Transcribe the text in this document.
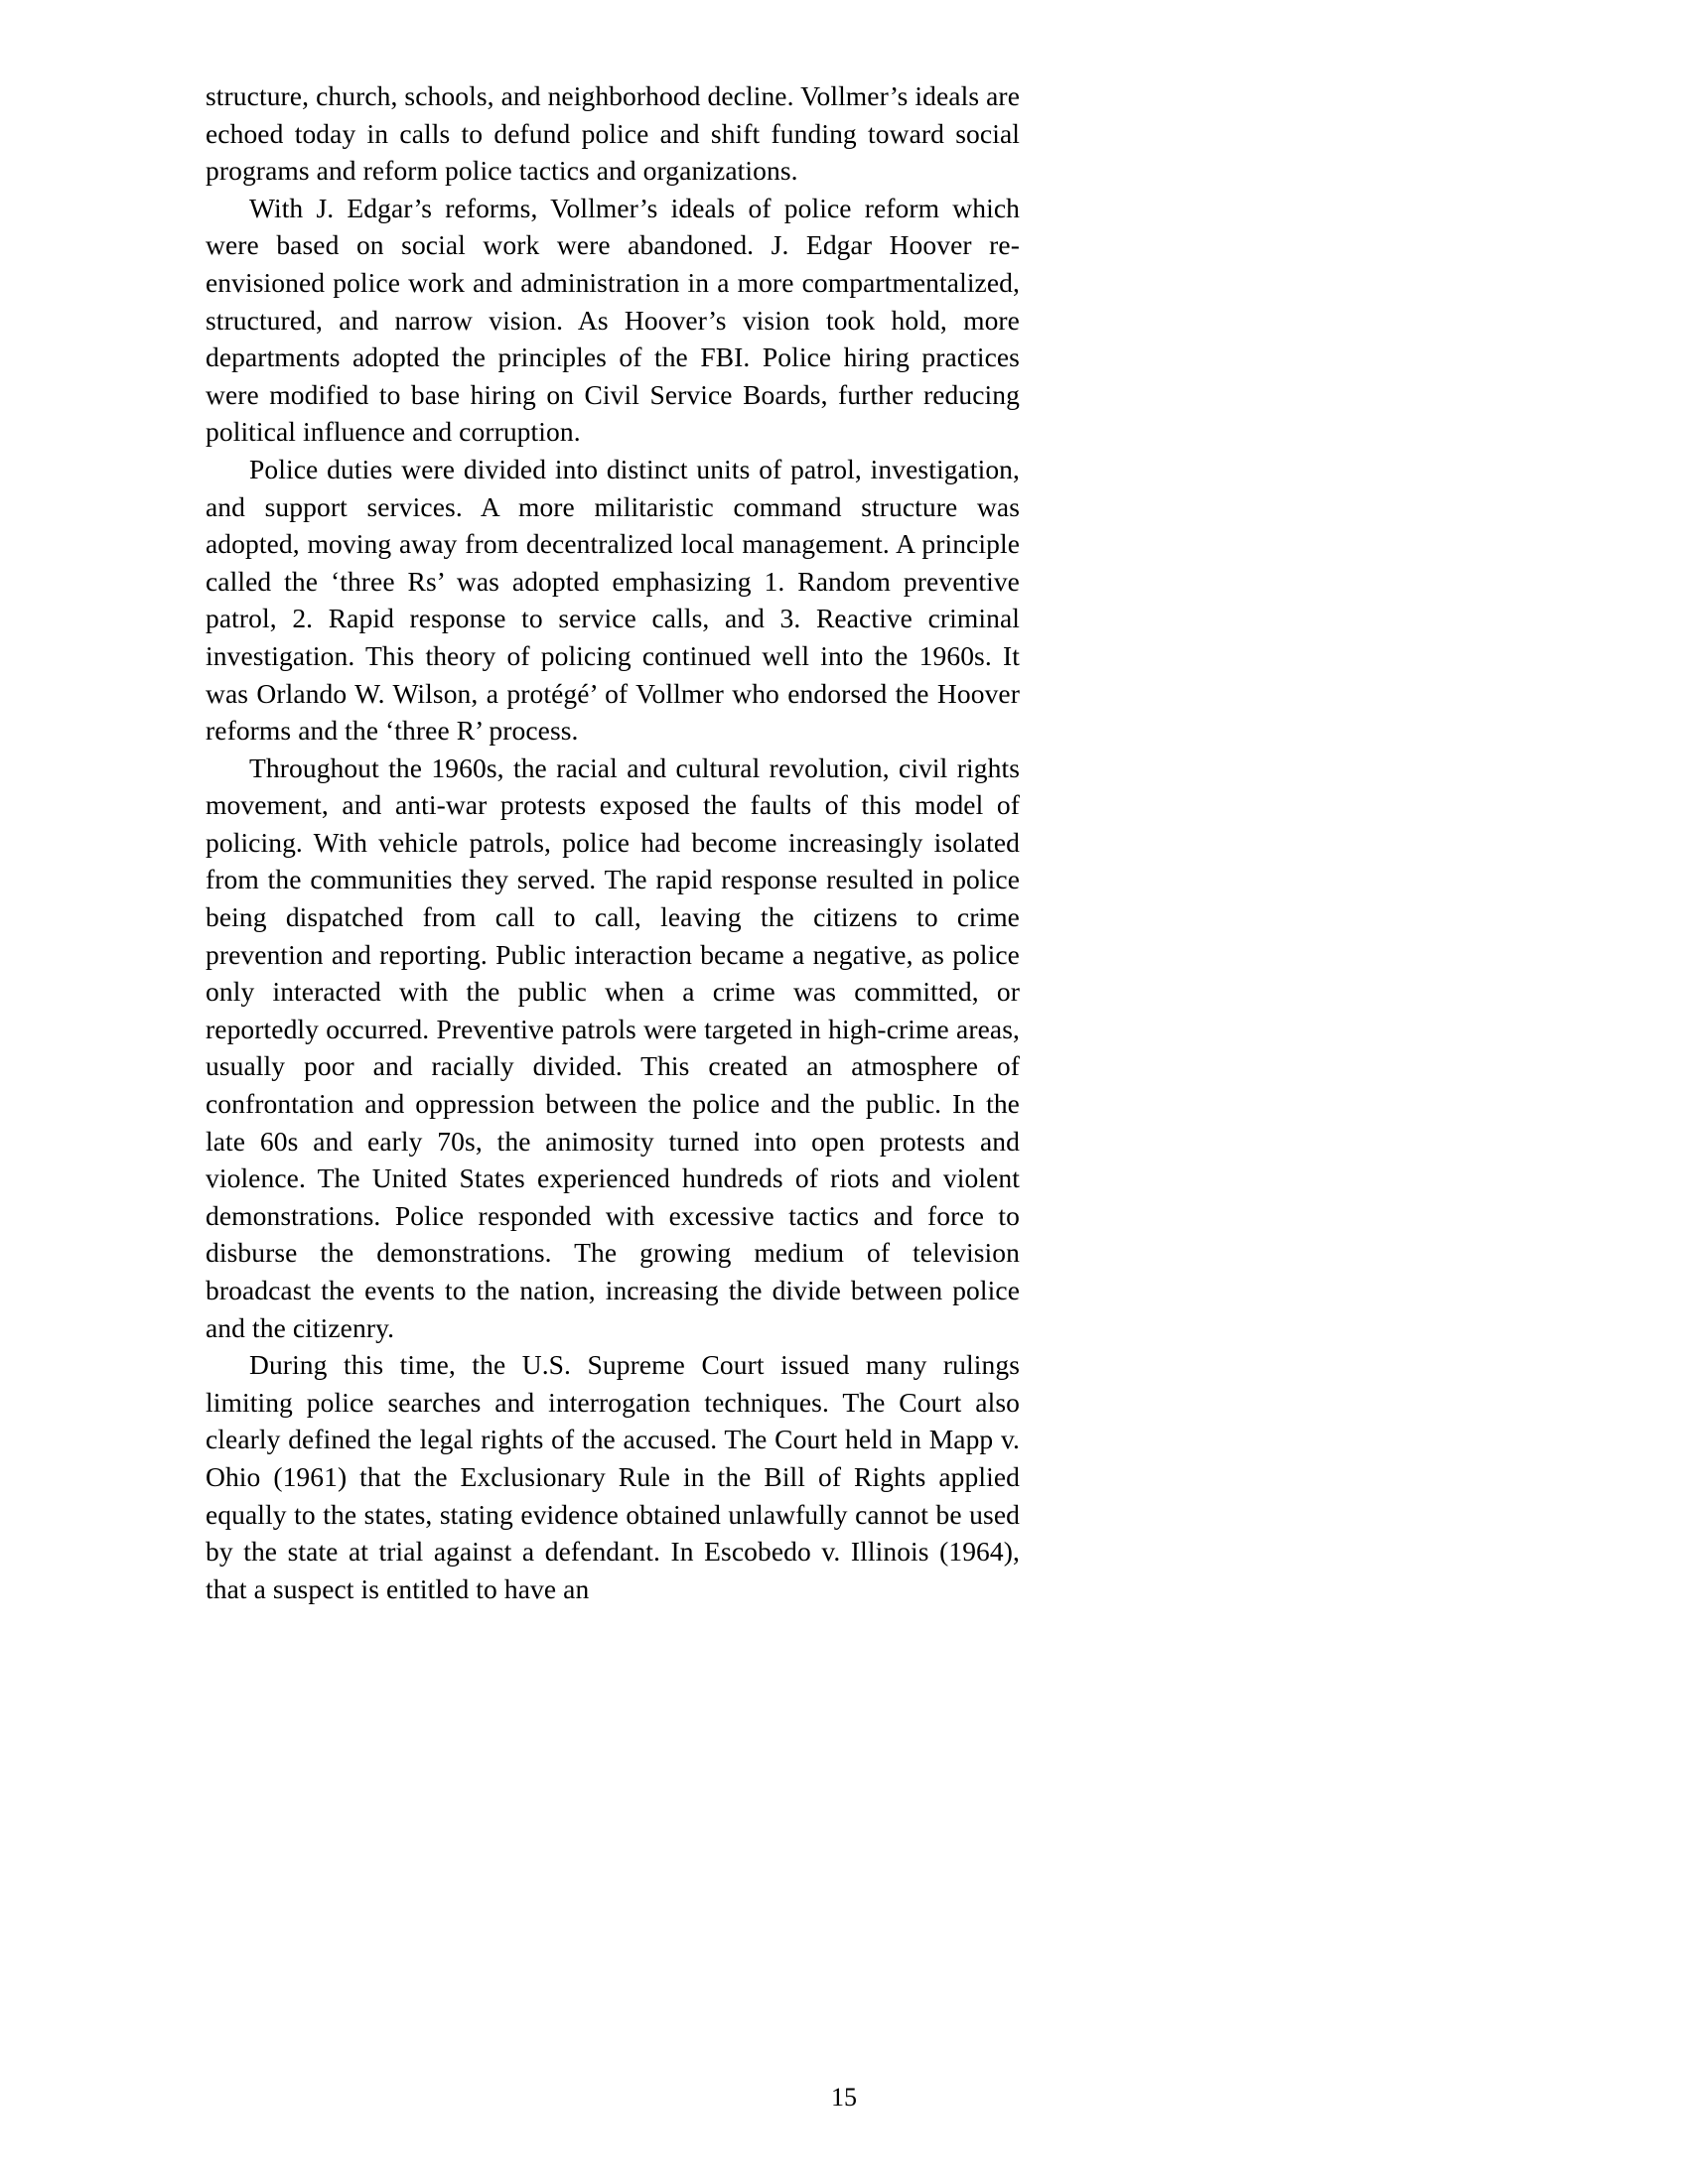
structure, church, schools, and neighborhood decline. Vollmer’s ideals are echoed today in calls to defund police and shift funding toward social programs and reform police tactics and organizations.

With J. Edgar’s reforms, Vollmer’s ideals of police reform which were based on social work were abandoned. J. Edgar Hoover re-envisioned police work and administration in a more compartmentalized, structured, and narrow vision. As Hoover’s vision took hold, more departments adopted the principles of the FBI. Police hiring practices were modified to base hiring on Civil Service Boards, further reducing political influence and corruption.

Police duties were divided into distinct units of patrol, investigation, and support services. A more militaristic command structure was adopted, moving away from decentralized local management. A principle called the ‘three Rs’ was adopted emphasizing 1. Random preventive patrol, 2. Rapid response to service calls, and 3. Reactive criminal investigation. This theory of policing continued well into the 1960s. It was Orlando W. Wilson, a protégé’ of Vollmer who endorsed the Hoover reforms and the ‘three R’ process.

Throughout the 1960s, the racial and cultural revolution, civil rights movement, and anti-war protests exposed the faults of this model of policing. With vehicle patrols, police had become increasingly isolated from the communities they served. The rapid response resulted in police being dispatched from call to call, leaving the citizens to crime prevention and reporting. Public interaction became a negative, as police only interacted with the public when a crime was committed, or reportedly occurred. Preventive patrols were targeted in high-crime areas, usually poor and racially divided. This created an atmosphere of confrontation and oppression between the police and the public. In the late 60s and early 70s, the animosity turned into open protests and violence. The United States experienced hundreds of riots and violent demonstrations. Police responded with excessive tactics and force to disburse the demonstrations. The growing medium of television broadcast the events to the nation, increasing the divide between police and the citizenry.

During this time, the U.S. Supreme Court issued many rulings limiting police searches and interrogation techniques. The Court also clearly defined the legal rights of the accused. The Court held in Mapp v. Ohio (1961) that the Exclusionary Rule in the Bill of Rights applied equally to the states, stating evidence obtained unlawfully cannot be used by the state at trial against a defendant. In Escobedo v. Illinois (1964), that a suspect is entitled to have an

15
